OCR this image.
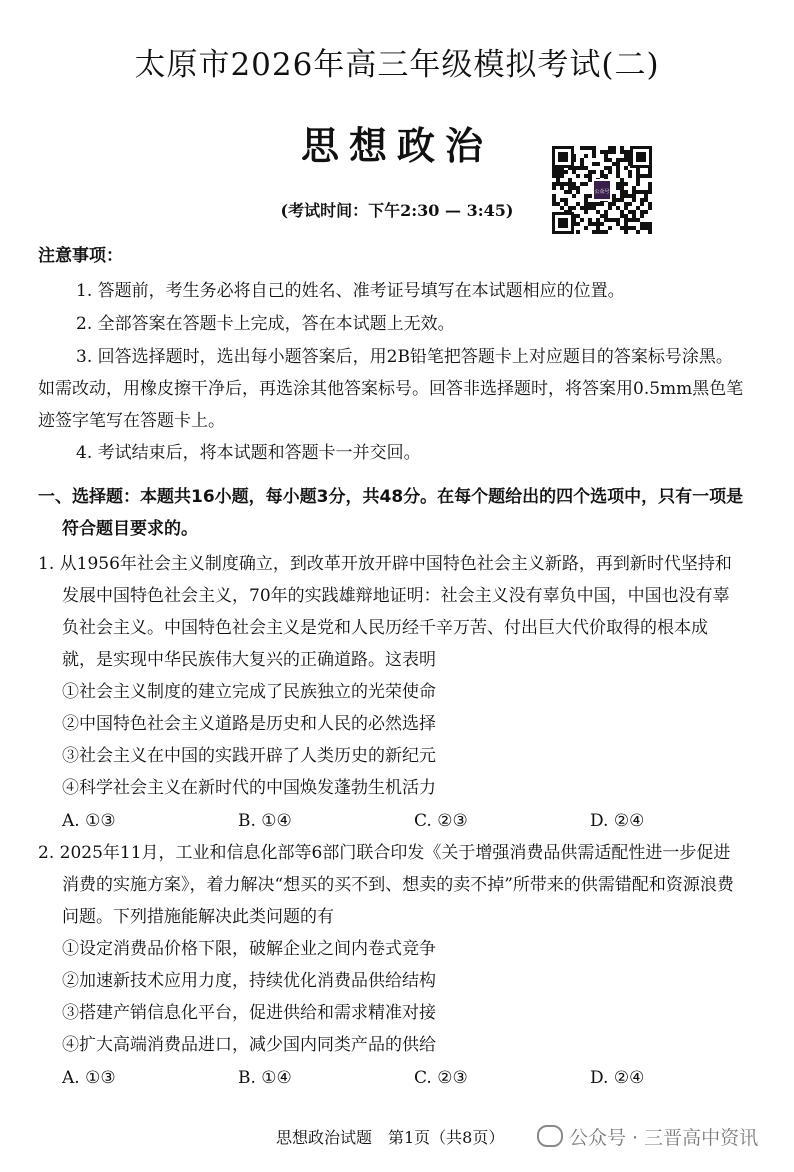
太原市2026年高三年级模拟考试(二)
思想政治
(考试时间：下午2:30 — 3:45)
公众号
注意事项：
1. 答题前，考生务必将自己的姓名、准考证号填写在本试题相应的位置。
2. 全部答案在答题卡上完成，答在本试题上无效。
3. 回答选择题时，选出每小题答案后，用2B铅笔把答题卡上对应题目的答案标号涂黑。
如需改动，用橡皮擦干净后，再选涂其他答案标号。回答非选择题时，将答案用0.5mm黑色笔
迹签字笔写在答题卡上。
4. 考试结束后，将本试题和答题卡一并交回。
一、选择题：本题共16小题，每小题3分，共48分。在每个题给出的四个选项中，只有一项是
符合题目要求的。
1. 从1956年社会主义制度确立，到改革开放开辟中国特色社会主义新路，再到新时代坚持和
发展中国特色社会主义，70年的实践雄辩地证明：社会主义没有辜负中国，中国也没有辜
负社会主义。中国特色社会主义是党和人民历经千辛万苦、付出巨大代价取得的根本成
就，是实现中华民族伟大复兴的正确道路。这表明
①社会主义制度的建立完成了民族独立的光荣使命
②中国特色社会主义道路是历史和人民的必然选择
③社会主义在中国的实践开辟了人类历史的新纪元
④科学社会主义在新时代的中国焕发蓬勃生机活力
A. ①③	B. ①④	C. ②③	D. ②④
2. 2025年11月，工业和信息化部等6部门联合印发《关于增强消费品供需适配性进一步促进
消费的实施方案》，着力解决“想买的买不到、想卖的卖不掉”所带来的供需错配和资源浪费
问题。下列措施能解决此类问题的有
①设定消费品价格下限，破解企业之间内卷式竞争
②加速新技术应用力度，持续优化消费品供给结构
③搭建产销信息化平台，促进供给和需求精准对接
④扩大高端消费品进口，减少国内同类产品的供给
A. ①③	B. ①④	C. ②③	D. ②④
思想政治试题　第1页（共8页）	公众号 · 三晋高中资讯
